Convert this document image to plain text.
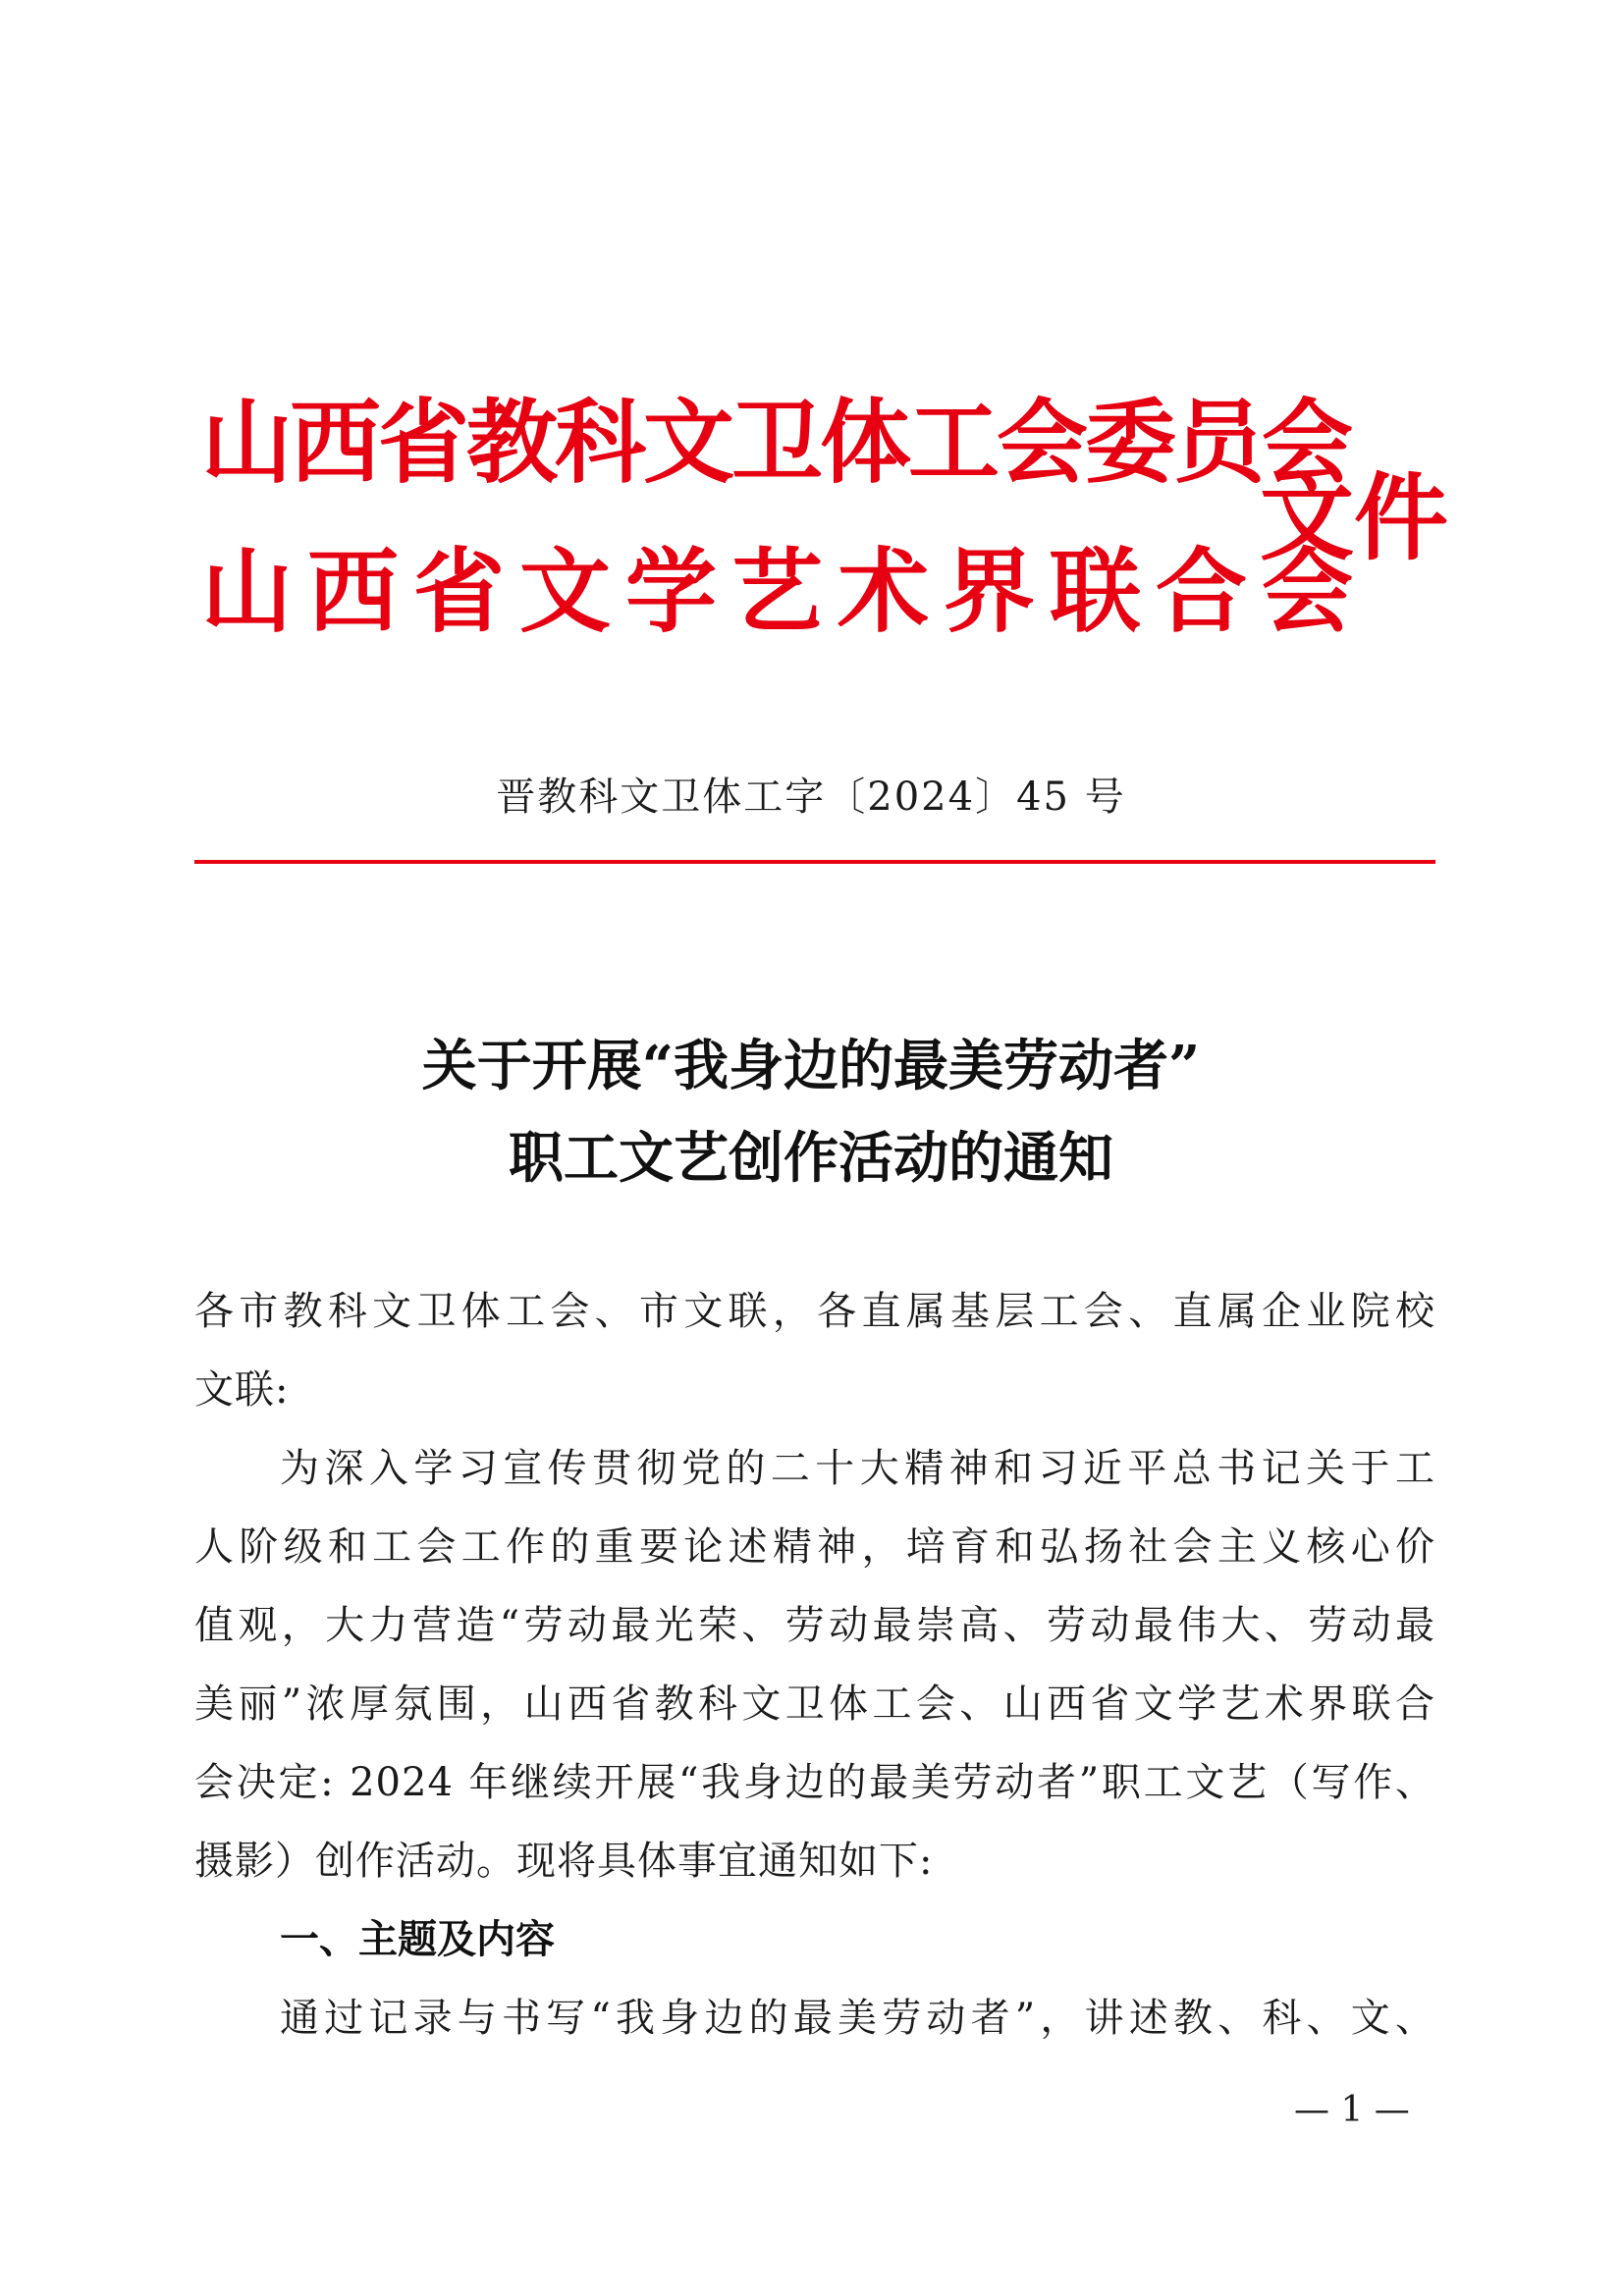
山西省教科文卫体工会委员会
山西省文学艺术界联合会
文件
晋教科文卫体工字〔2024〕45 号
关于开展“我身边的最美劳动者”
职工文艺创作活动的通知
各市教科文卫体工会、市文联，各直属基层工会、直属企业院校
文联:
为深入学习宣传贯彻党的二十大精神和习近平总书记关于工
人阶级和工会工作的重要论述精神，培育和弘扬社会主义核心价
值观，大力营造“劳动最光荣、劳动最崇高、劳动最伟大、劳动最
美丽”浓厚氛围，山西省教科文卫体工会、山西省文学艺术界联合
会决定: 2024 年继续开展“我身边的最美劳动者”职工文艺（写作、
摄影）创作活动。现将具体事宜通知如下:
一、主题及内容
通过记录与书写“我身边的最美劳动者”，讲述教、科、文、
— 1 —
